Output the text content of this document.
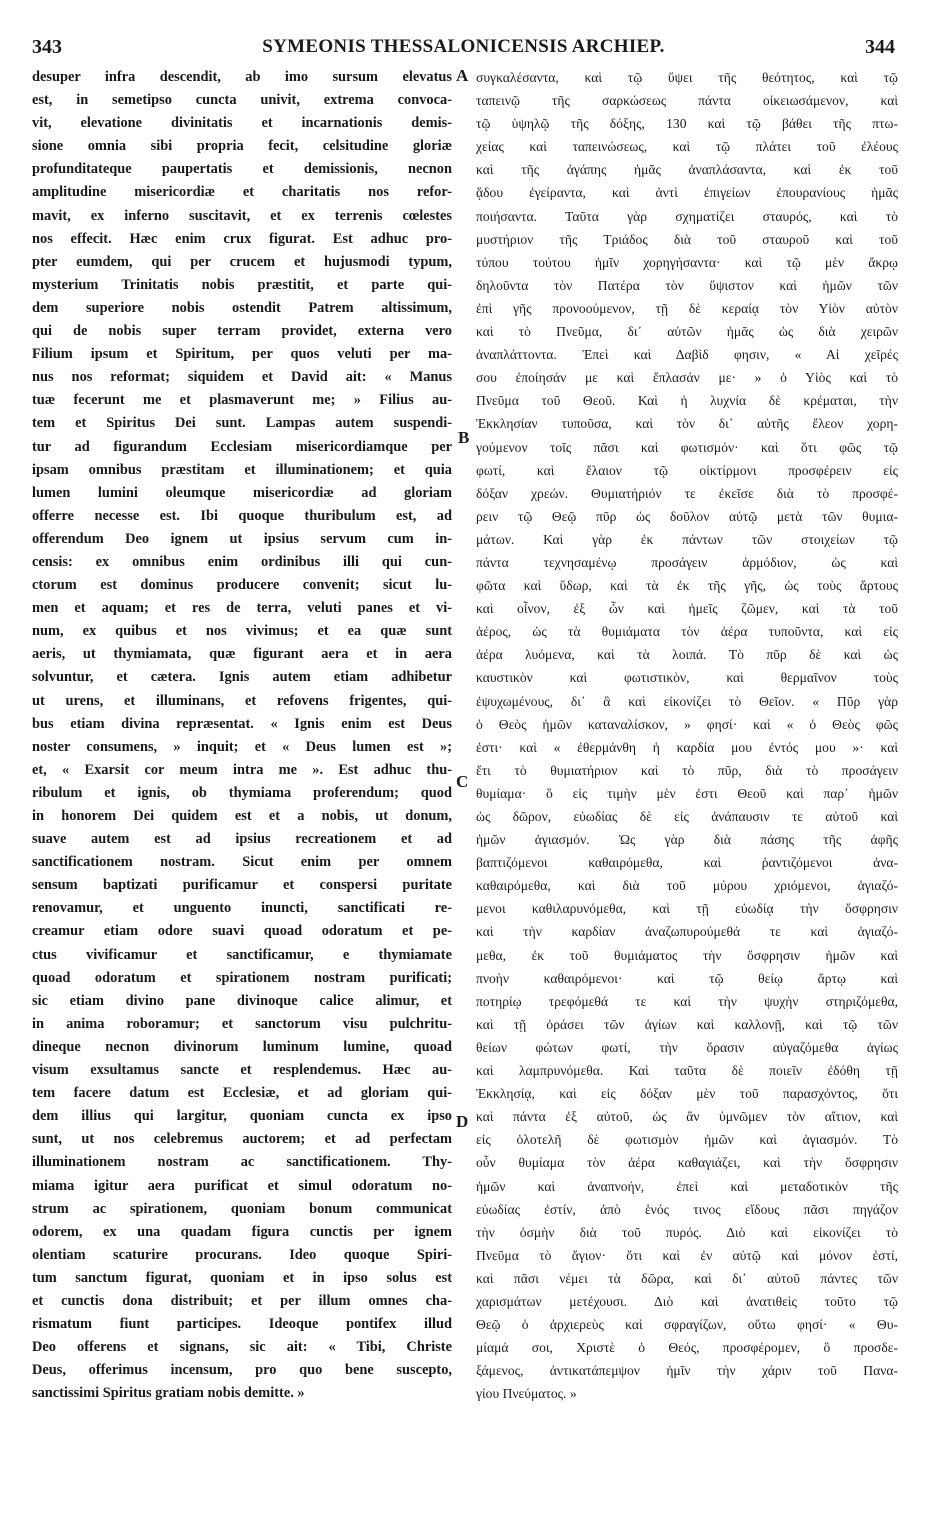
343	SYMEONIS THESSALONICENSIS ARCHIEP.	344
desuper infra descendit, ab imo sursum elevatus
est, in semetipso cuncta univit, extrema convoca-
vit, elevatione divinitatis et incarnationis demis-
sione omnia sibi propria fecit, celsitudine gloriæ
profunditateque paupertatis et demissionis, necnon
amplitudine misericordiæ et charitatis nos refor-
mavit, ex inferno suscitavit, et ex terrenis cœlestes
nos effecit. Hæc enim crux figurat. Est adhuc pro-
pter eumdem, qui per crucem et hujusmodi typum,
mysterium Trinitatis nobis præstitit, et parte qui-
dem superiore nobis ostendit Patrem altissimum,
qui de nobis super terram providet, externa vero
Filium ipsum et Spiritum, per quos veluti per ma-
nus nos reformat; siquidem et David ait: « Manus
tuæ fecerunt me et plasmaverunt me; » Filius au-
tem et Spiritus Dei sunt. Lampas autem suspendi-
tur ad figurandum Ecclesiam misericordiamque per
ipsam omnibus præstitam et illuminationem; et quia
lumen lumini oleumque misericordiæ ad gloriam
offerre necesse est. Ibi quoque thuribulum est, ad
offerendum Deo ignem ut ipsius servum cum in-
censis: ex omnibus enim ordinibus illi qui cun-
ctorum est dominus producere convenit; sicut lu-
men et aquam; et res de terra, veluti panes et vi-
num, ex quibus et nos vivimus; et ea quæ sunt
aeris, ut thymiamata, quæ figurant aera et in aera
solvuntur, et cætera. Ignis autem etiam adhibetur
ut urens, et illuminans, et refovens frigentes, qui-
bus etiam divina repræsentat. « Ignis enim est Deus
noster consumens, » inquit; et « Deus lumen est »;
et, « Exarsit cor meum intra me ». Est adhuc thu-
ribulum et ignis, ob thymiama proferendum; quod
in honorem Dei quidem est et a nobis, ut donum,
suave autem est ad ipsius recreationem et ad
sanctificationem nostram. Sicut enim per omnem
sensum baptizati purificamur et conspersi puritate
renovamur, et unguento inuncti, sanctificati re-
creamur etiam odore suavi quoad odoratum et pe-
ctus vivificamur et sanctificamur, e thymiamate
quoad odoratum et spirationem nostram purificati;
sic etiam divino pane divinoque calice alimur, et
in anima roboramur; et sanctorum visu pulchritu-
dineque necnon divinorum luminum lumine, quoad
visum exsultamus sancte et resplendemus. Hæc au-
tem facere datum est Ecclesiæ, et ad gloriam qui-
dem illius qui largitur, quoniam cuncta ex ipso
sunt, ut nos celebremus auctorem; et ad perfectam
illuminationem nostram ac sanctificationem. Thy-
miama igitur aera purificat et simul odoratum no-
strum ac spirationem, quoniam bonum communicat
odorem, ex una quadam figura cunctis per ignem
olentiam scaturire procurans. Ideo quoque Spiri-
tum sanctum figurat, quoniam et in ipso solus est
et cunctis dona distribuit; et per illum omnes cha-
rismatum fiunt participes. Ideoque pontifex illud
Deo offerens et signans, sic ait: « Tibi, Christe
Deus, offerimus incensum, pro quo bene suscepto,
sanctissimi Spiritus gratiam nobis demitte. »
συγκαλέσαντα, καὶ τῷ ὕψει τῆς θεότητος, καὶ τῷ
ταπεινῷ τῆς σαρκώσεως πάντα οἰκειωσάμενον, καὶ
τῷ ὑψηλῷ τῆς δόξης, 130 καὶ τῷ βάθει τῆς πτω-
χείας καὶ ταπεινώσεως, καὶ τῷ πλάτει τοῦ ἐλέους
καὶ τῆς ἀγάπης ἡμᾶς ἀναπλάσαντα, καὶ ἐκ τοῦ
ᾅδου ἐγείραντα, καὶ ἀντὶ ἐπιγείων ἐπουρανίους ἡμᾶς
ποιήσαντα. Ταῦτα γὰρ σχηματίζει σταυρός, καὶ τὸ
μυστήριον τῆς Τριάδος διὰ τοῦ σταυροῦ καὶ τοῦ
τύπου τούτου ἡμῖν χορηγήσαντα· καὶ τῷ μὲν ἄκρῳ
δηλοῦντα τὸν Πατέρα τὸν ὕψιστον καὶ ἡμῶν τῶν
ἐπὶ γῆς προνοούμενον, τῇ δὲ κεραίᾳ τὸν Υἱὸν αὐτὸν
καὶ τὸ Πνεῦμα, δι᾽ αὐτῶν ἡμᾶς ὡς διὰ χειρῶν
ἀναπλάττοντα. Ἐπεὶ καὶ Δαβὶδ φησιν, « Αἱ χεῖρές
σου ἐποίησάν με καὶ ἔπλασάν με· » ὁ Υἱὸς καὶ τὸ
Πνεῦμα τοῦ Θεοῦ. Καὶ ἡ λυχνία δὲ κρέμαται, τὴν
Ἐκκλησίαν τυποῦσα, καὶ τὸν δι᾽ αὐτῆς ἔλεον χορη-
γούμενον τοῖς πᾶσι καὶ φωτισμόν· καὶ ὅτι φῶς τῷ
φωτί, καὶ ἔλαιον τῷ οἰκτίρμονι προσφέρειν εἰς
δόξαν χρεών. Θυμιατήριόν τε ἐκεῖσε διὰ τὸ προσφέ-
ρειν τῷ Θεῷ πῦρ ὡς δοῦλον αὐτῷ μετὰ τῶν θυμια-
μάτων. Καὶ γὰρ ἐκ πάντων τῶν στοιχείων τῷ
πάντα τεχνησαμένῳ προσάγειν ἁρμόδιον, ὡς καὶ
φῶτα καὶ ὕδωρ, καὶ τὰ ἐκ τῆς γῆς, ὡς τοὺς ἄρτους
καὶ οἶνον, ἐξ ὧν καὶ ἡμεῖς ζῶμεν, καὶ τὰ τοῦ
ἀέρος, ὡς τὰ θυμιάματα τὸν ἀέρα τυποῦντα, καὶ εἰς
ἀέρα λυόμενα, καὶ τὰ λοιπά. Τὸ πῦρ δὲ καὶ ὡς
καυστικὸν καὶ φωτιστικὸν, καὶ θερμαῖνον τοὺς
ἐψυχωμένους, δι᾽ ἃ καὶ εἰκονίζει τὸ Θεῖον. « Πῦρ γὰρ
ὁ Θεὸς ἡμῶν καταναλίσκον, » φησί· καὶ « ὁ Θεὸς φῶς
ἐστι· καὶ « ἐθερμάνθη ἡ καρδία μου ἐντός μου »· καὶ
ἔτι τὸ θυμιατήριον καὶ τὸ πῦρ, διὰ τὸ προσάγειν
θυμίαμα· ὃ εἰς τιμὴν μὲν ἐστι Θεοῦ καὶ παρ᾽ ἡμῶν
ὡς δῶρον, εὐωδίας δὲ εἰς ἀνάπαυσιν τε αὐτοῦ καὶ
ἡμῶν ἁγιασμόν. Ὡς γὰρ διὰ πάσης τῆς ἀφῆς
βαπτιζόμενοι καθαιρόμεθα, καὶ ῥαντιζόμενοι ἀνα-
καθαιρόμεθα, καὶ διὰ τοῦ μύρου χριόμενοι, ἁγιαζό-
μενοι καθιλαρυνόμεθα, καὶ τῇ εὐωδίᾳ τὴν ὄσφρησιν
καὶ τὴν καρδίαν ἀναζωπυρούμεθά τε καὶ ἁγιαζό-
μεθα, ἐκ τοῦ θυμιάματος τὴν ὄσφρησιν ἡμῶν καὶ
πνοὴν καθαιρόμενοι· καὶ τῷ θείῳ ἄρτῳ καὶ
ποτηρίῳ τρεφόμεθά τε καὶ τὴν ψυχὴν στηριζόμεθα,
καὶ τῇ ὁράσει τῶν ἁγίων καὶ καλλονῇ, καὶ τῷ τῶν
θείων φώτων φωτί, τὴν ὅρασιν αὐγαζόμεθα ἁγίως
καὶ λαμπρυνόμεθα. Καὶ ταῦτα δὲ ποιεῖν ἐδόθη τῇ
Ἐκκλησίᾳ, καὶ εἰς δόξαν μὲν τοῦ παρασχόντος, ὅτι
καὶ πάντα ἐξ αὐτοῦ, ὡς ἂν ὑμνῶμεν τὸν αἴτιον, καὶ
εἰς ὁλοτελῆ δὲ φωτισμὸν ἡμῶν καὶ ἁγιασμόν. Τὸ
οὖν θυμίαμα τὸν ἀέρα καθαγιάζει, καὶ τὴν ὄσφρησιν
ἡμῶν καὶ ἀναπνοήν, ἐπεὶ καὶ μεταδοτικὸν τῆς
εὐωδίας ἐστίν, ἀπὸ ἑνός τινος εἴδους πᾶσι πηγάζον
τὴν ὀσμὴν διὰ τοῦ πυρός. Διὸ καὶ εἰκονίζει τὸ
Πνεῦμα τὸ ἅγιον· ὅτι καὶ ἐν αὐτῷ καὶ μόνον ἐστί,
καὶ πᾶσι νέμει τὰ δῶρα, καὶ δι᾽ αὐτοῦ πάντες τῶν
χαρισμάτων μετέχουσι. Διὸ καὶ ἀνατιθεὶς τοῦτο τῷ
Θεῷ ὁ ἀρχιερεὺς καὶ σφραγίζων, οὕτω φησί· « Θυ-
μίαμά σοι, Χριστὲ ὁ Θεός, προσφέρομεν, ὃ προσδε-
ξάμενος, ἀντικατάπεμψον ἡμῖν τὴν χάριν τοῦ Πανα-
γίου Πνεύματος. »
A
B
C
D
